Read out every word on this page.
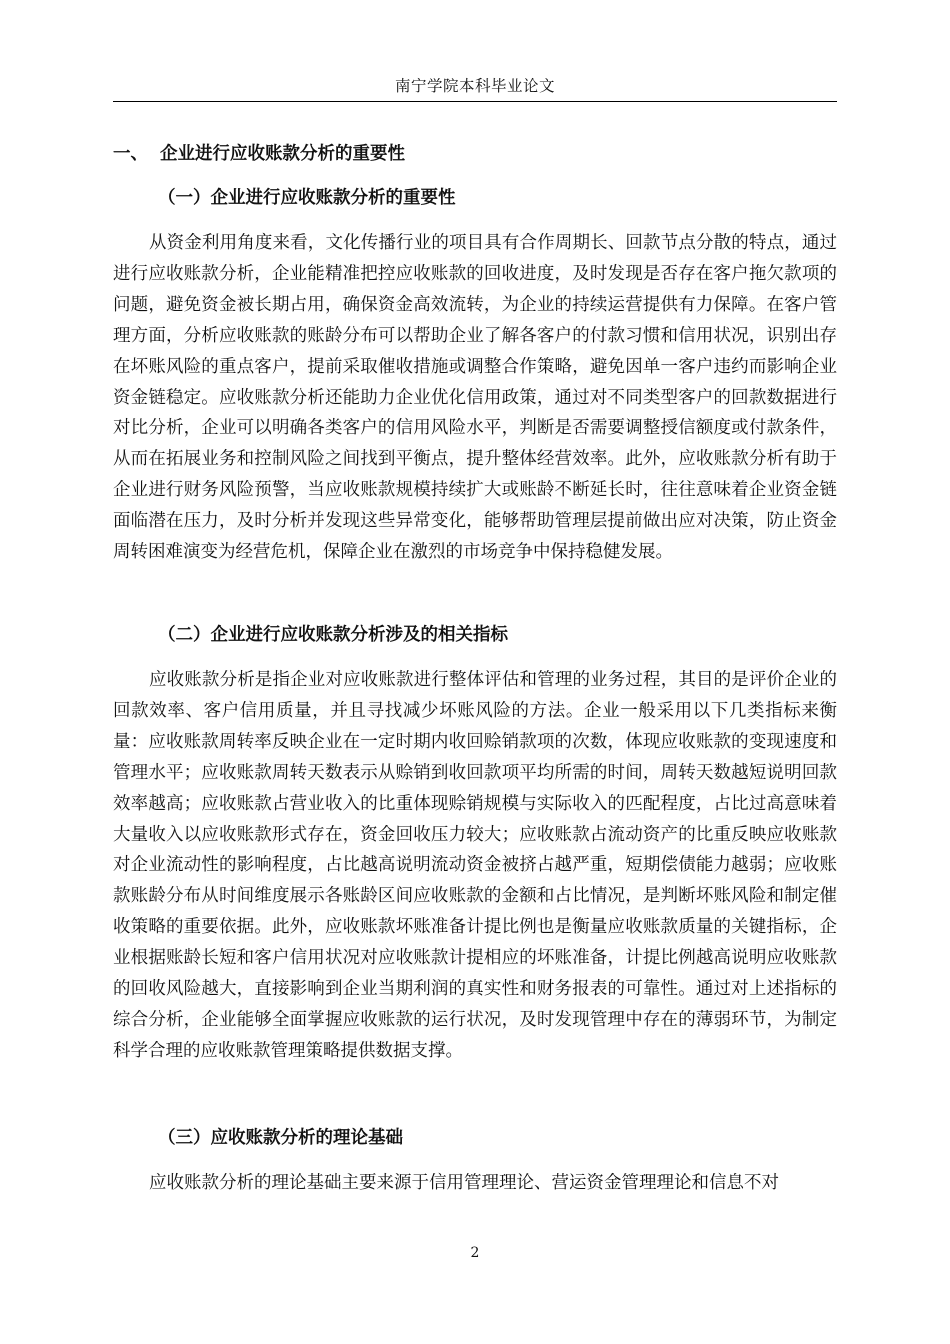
南宁学院本科毕业论文
一、 企业进行应收账款分析的重要性
（一）企业进行应收账款分析的重要性

从资金利用角度来看，文化传播行业的项目具有合作周期长、回款节点分散的特点，通过进行应收账款分析，企业能精准把控应收账款的回收进度，及时发现是否存在客户拖欠款项的问题，避免资金被长期占用，确保资金高效流转，为企业的持续运营提供有力保障。在客户管理方面，分析应收账款的账龄分布可以帮助企业了解各客户的付款习惯和信用状况，识别出存在坏账风险的重点客户，提前采取催收措施或调整合作策略，避免因单一客户违约而影响企业资金链稳定。应收账款分析还能助力企业优化信用政策，通过对不同类型客户的回款数据进行对比分析，企业可以明确各类客户的信用风险水平，判断是否需要调整授信额度或付款条件，从而在拓展业务和控制风险之间找到平衡点，提升整体经营效率。此外，应收账款分析有助于企业进行财务风险预警，当应收账款规模持续扩大或账龄不断延长时，往往意味着企业资金链面临潜在压力，及时分析并发现这些异常变化，能够帮助管理层提前做出应对决策，防止资金周转困难演变为经营危机，保障企业在激烈的市场竞争中保持稳健发展。

（二）企业进行应收账款分析涉及的相关指标

应收账款分析是指企业对应收账款进行整体评估和管理的业务过程，其目的是评价企业的回款效率、客户信用质量，并且寻找减少坏账风险的方法。企业一般采用以下几类指标来衡量：应收账款周转率反映企业在一定时期内收回赊销款项的次数，体现应收账款的变现速度和管理水平；应收账款周转天数表示从赊销到收回款项平均所需的时间，周转天数越短说明回款效率越高；应收账款占营业收入的比重体现赊销规模与实际收入的匹配程度，占比过高意味着大量收入以应收账款形式存在，资金回收压力较大；应收账款占流动资产的比重反映应收账款对企业流动性的影响程度，占比越高说明流动资金被挤占越严重，短期偿债能力越弱；应收账款账龄分布从时间维度展示各账龄区间应收账款的金额和占比情况，是判断坏账风险和制定催收策略的重要依据。此外，应收账款坏账准备计提比例也是衡量应收账款质量的关键指标，企业根据账龄长短和客户信用状况对应收账款计提相应的坏账准备，计提比例越高说明应收账款的回收风险越大，直接影响到企业当期利润的真实性和财务报表的可靠性。通过对上述指标的综合分析，企业能够全面掌握应收账款的运行状况，及时发现管理中存在的薄弱环节，为制定科学合理的应收账款管理策略提供数据支撑。

（三）应收账款分析的理论基础

应收账款分析的理论基础主要来源于信用管理理论、营运资金管理理论和信息不对

2
